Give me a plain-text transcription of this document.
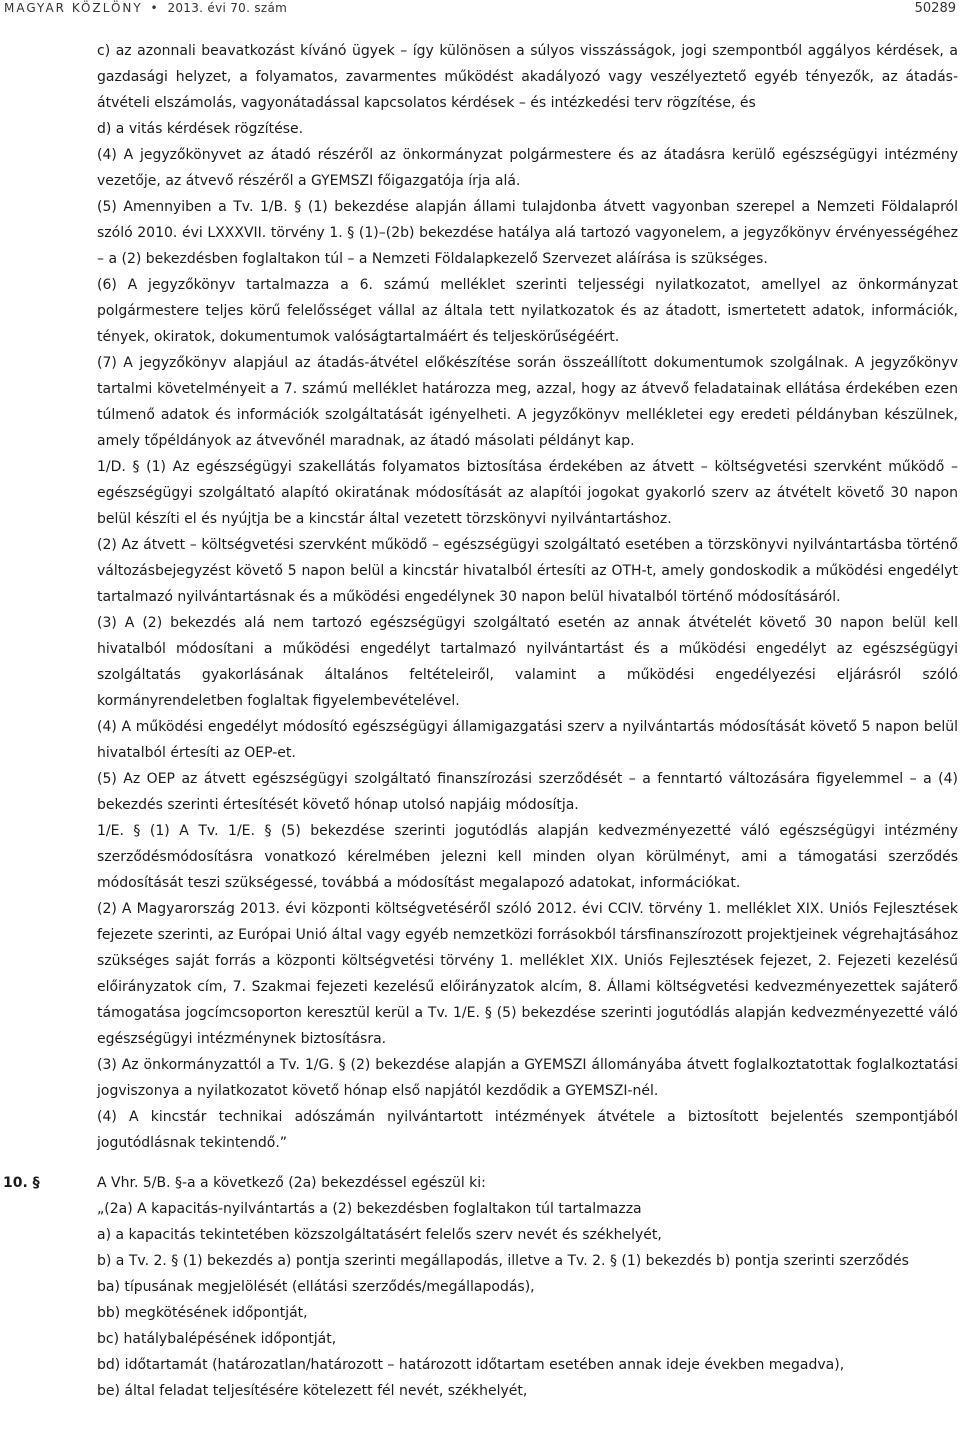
MAGYAR KÖZLÖNY • 2013. évi 70. szám	50289

c) az azonnali beavatkozást kívánó ügyek – így különösen a súlyos visszásságok, jogi szempontból aggályos kérdések, a gazdasági helyzet, a folyamatos, zavarmentes működést akadályozó vagy veszélyeztető egyéb tényezők, az átadás-átvételi elszámolás, vagyonátadással kapcsolatos kérdések – és intézkedési terv rögzítése, és

d) a vitás kérdések rögzítése.

(4) A jegyzőkönyvet az átadó részéről az önkormányzat polgármestere és az átadásra kerülő egészségügyi intézmény vezetője, az átvevő részéről a GYEMSZI főigazgatója írja alá.

(5) Amennyiben a Tv. 1/B. § (1) bekezdése alapján állami tulajdonba átvett vagyonban szerepel a Nemzeti Földalapról szóló 2010. évi LXXXVII. törvény 1. § (1)–(2b) bekezdése hatálya alá tartozó vagyonelem, a jegyzőkönyv érvényességéhez – a (2) bekezdésben foglaltakon túl – a Nemzeti Földalapkezelő Szervezet aláírása is szükséges.

(6) A jegyzőkönyv tartalmazza a 6. számú melléklet szerinti teljességi nyilatkozatot, amellyel az önkormányzat polgármestere teljes körű felelősséget vállal az általa tett nyilatkozatok és az átadott, ismertetett adatok, információk, tények, okiratok, dokumentumok valóságtartalmáért és teljeskörűségéért.

(7) A jegyzőkönyv alapjául az átadás-átvétel előkészítése során összeállított dokumentumok szolgálnak. A jegyzőkönyv tartalmi követelményeit a 7. számú melléklet határozza meg, azzal, hogy az átvevő feladatainak ellátása érdekében ezen túlmenő adatok és információk szolgáltatását igényelheti. A jegyzőkönyv mellékletei egy eredeti példányban készülnek, amely tőpéldányok az átvevőnél maradnak, az átadó másolati példányt kap.

1/D. § (1) Az egészségügyi szakellátás folyamatos biztosítása érdekében az átvett – költségvetési szervként működő – egészségügyi szolgáltató alapító okiratának módosítását az alapítói jogokat gyakorló szerv az átvételt követő 30 napon belül készíti el és nyújtja be a kincstár által vezetett törzskönyvi nyilvántartáshoz.

(2) Az átvett – költségvetési szervként működő – egészségügyi szolgáltató esetében a törzskönyvi nyilvántartásba történő változásbejegyzést követő 5 napon belül a kincstár hivatalból értesíti az OTH-t, amely gondoskodik a működési engedélyt tartalmazó nyilvántartásnak és a működési engedélynek 30 napon belül hivatalból történő módosításáról.

(3) A (2) bekezdés alá nem tartozó egészségügyi szolgáltató esetén az annak átvételét követő 30 napon belül kell hivatalból módosítani a működési engedélyt tartalmazó nyilvántartást és a működési engedélyt az egészségügyi szolgáltatás gyakorlásának általános feltételeiről, valamint a működési engedélyezési eljárásról szóló kormányrendeletben foglaltak figyelembevételével.

(4) A működési engedélyt módosító egészségügyi államigazgatási szerv a nyilvántartás módosítását követő 5 napon belül hivatalból értesíti az OEP-et.

(5) Az OEP az átvett egészségügyi szolgáltató finanszírozási szerződését – a fenntartó változására figyelemmel – a (4) bekezdés szerinti értesítését követő hónap utolsó napjáig módosítja.

1/E. § (1) A Tv. 1/E. § (5) bekezdése szerinti jogutódlás alapján kedvezményezetté váló egészségügyi intézmény szerződésmódosításra vonatkozó kérelmében jelezni kell minden olyan körülményt, ami a támogatási szerződés módosítását teszi szükségessé, továbbá a módosítást megalapozó adatokat, információkat.

(2) A Magyarország 2013. évi központi költségvetéséről szóló 2012. évi CCIV. törvény 1. melléklet XIX. Uniós Fejlesztések fejezete szerinti, az Európai Unió által vagy egyéb nemzetközi forrásokból társfinanszírozott projektjeinek végrehajtásához szükséges saját forrás a központi költségvetési törvény 1. melléklet XIX. Uniós Fejlesztések fejezet, 2. Fejezeti kezelésű előirányzatok cím, 7. Szakmai fejezeti kezelésű előirányzatok alcím, 8. Állami költségvetési kedvezményezettek sajáterő támogatása jogcímcsoporton keresztül kerül a Tv. 1/E. § (5) bekezdése szerinti jogutódlás alapján kedvezményezetté váló egészségügyi intézménynek biztosításra.

(3) Az önkormányzattól a Tv. 1/G. § (2) bekezdése alapján a GYEMSZI állományába átvett foglalkoztatottak foglalkoztatási jogviszonya a nyilatkozatot követő hónap első napjától kezdődik a GYEMSZI-nél.

(4) A kincstár technikai adószámán nyilvántartott intézmények átvétele a biztosított bejelentés szempontjából jogutódlásnak tekintendő.”

10. §	A Vhr. 5/B. §-a a következő (2a) bekezdéssel egészül ki:

„(2a) A kapacitás-nyilvántartás a (2) bekezdésben foglaltakon túl tartalmazza

a) a kapacitás tekintetében közszolgáltatásért felelős szerv nevét és székhelyét,

b) a Tv. 2. § (1) bekezdés a) pontja szerinti megállapodás, illetve a Tv. 2. § (1) bekezdés b) pontja szerinti szerződés

ba) típusának megjelölését (ellátási szerződés/megállapodás),

bb) megkötésének időpontját,

bc) hatálybalépésének időpontját,

bd) időtartamát (határozatlan/határozott – határozott időtartam esetében annak ideje években megadva),

be) által feladat teljesítésére kötelezett fél nevét, székhelyét,
